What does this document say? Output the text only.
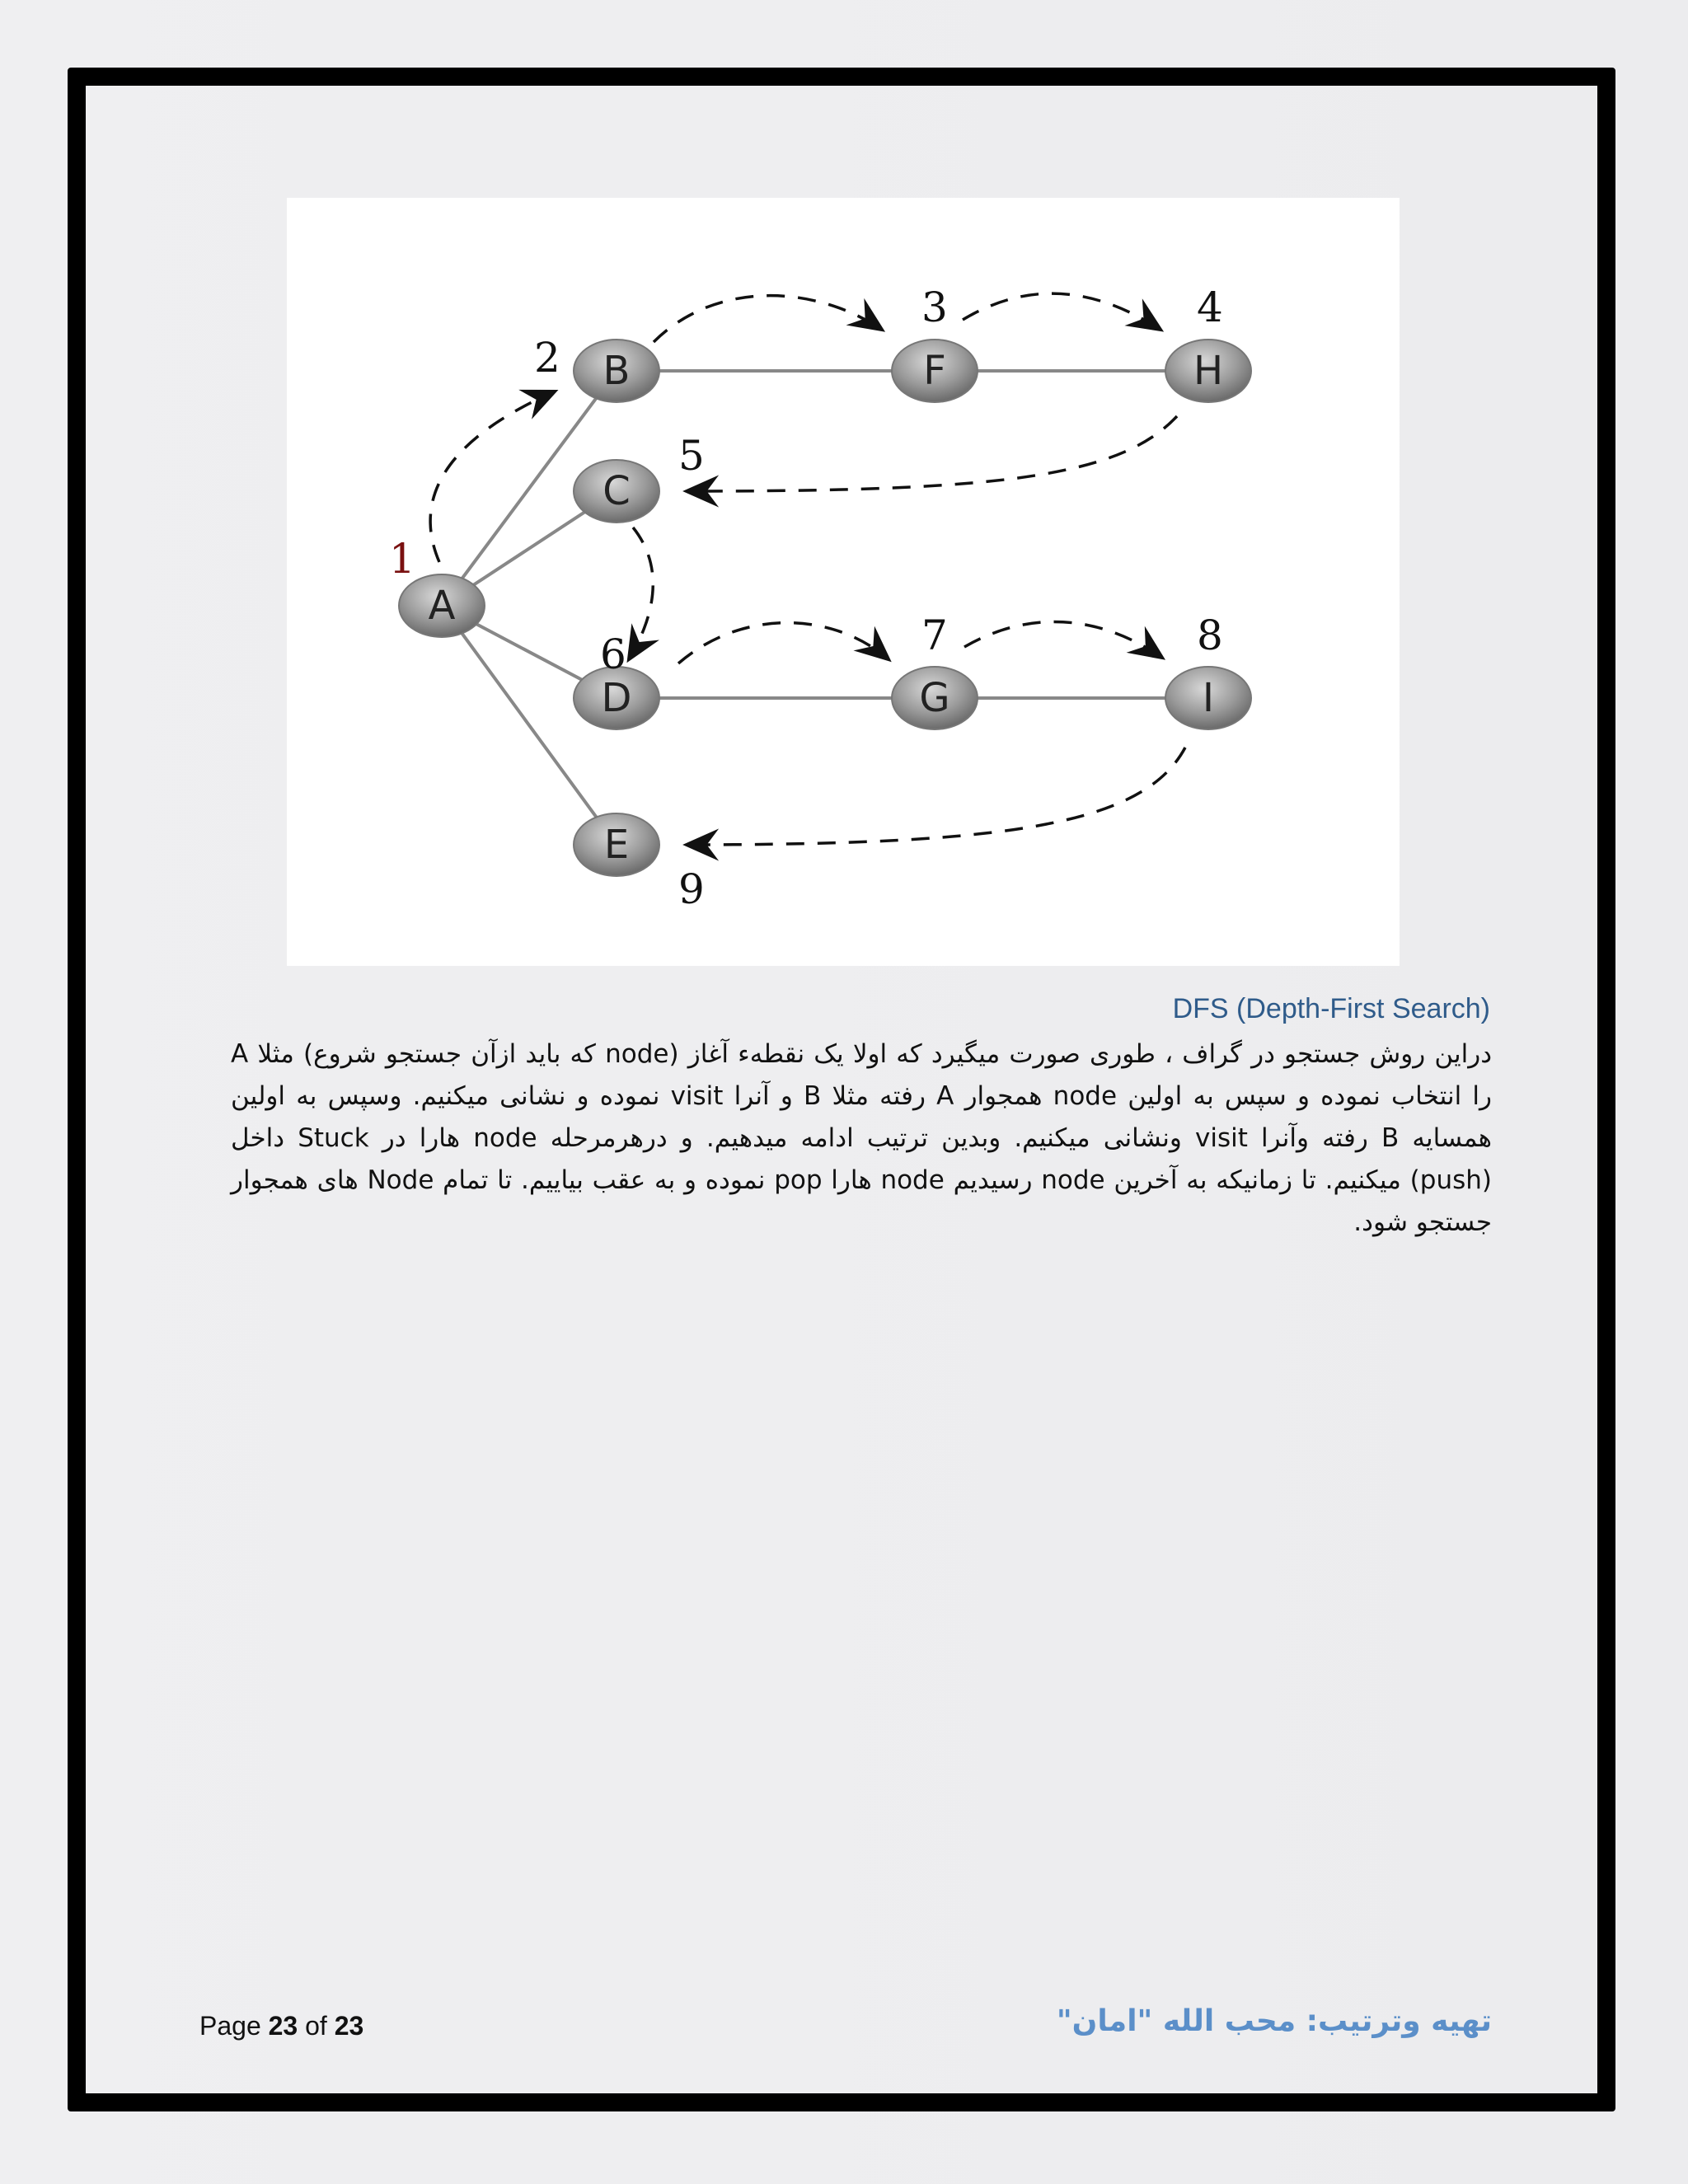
A
B
C
D
E
F
G
H
I
1
2
5
6
9
3
7
4
8
DFS (Depth-First Search)

دراین روش جستجو در گراف ، طوری صورت میگیرد که اولا یک نقطهء آغاز (node که باید ازآن جستجو شروع) مثلا A را انتخاب نموده و سپس به اولین node همجوار A رفته مثلا B و آنرا visit نموده و نشانی میکنیم. وسپس به اولین همسایه B رفته وآنرا visit ونشانی میکنیم. وبدین ترتیب ادامه میدهیم. و درهرمرحله node هارا در Stuck داخل (push) میکنیم. تا زمانیکه به آخرین node رسیدیم node هارا pop نموده و به عقب بیاییم. تا تمام Node های همجوار جستجو شود.

Page 23 of 23	تهیه وترتیب: محب الله "امان"
